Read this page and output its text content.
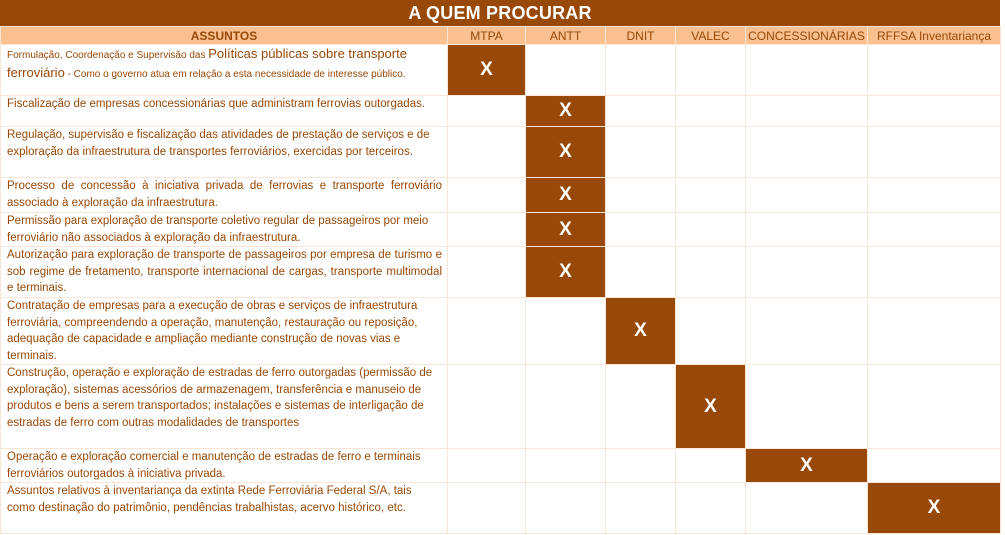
A QUEM PROCURAR
ASSUNTOS	MTPA	ANTT	DNIT	VALEC	CONCESSIONÁRIAS	RFFSA Inventariança
Formulação, Coordenação e Supervisão das Políticas públicas sobre transporte ferroviário - Como o governo atua em relação a esta necessidade de interesse público.	X					
Fiscalização de empresas concessionárias que administram ferrovias outorgadas.		X				
Regulação, supervisão e fiscalização das atividades de prestação de serviços e de exploração da infraestrutura de transportes ferroviários, exercidas por terceiros.		X				
Processo de concessão à iniciativa privada de ferrovias e transporte ferroviário associado à exploração da infraestrutura.		X				
Permissão para exploração de transporte coletivo regular de passageiros por meio ferroviário não associados à exploração da infraestrutura.		X				
Autorização para exploração de transporte de passageiros por empresa de turismo e sob regime de fretamento, transporte internacional de cargas, transporte multimodal e terminais.		X				
Contratação de empresas para a execução de obras e serviços de infraestrutura ferroviária, compreendendo a operação, manutenção, restauração ou reposição, adequação de capacidade e ampliação mediante construção de novas vias e terminais.			X			
Construção, operação e exploração de estradas de ferro outorgadas (permissão de exploração), sistemas acessórios de armazenagem, transferência e manuseio de produtos e bens a serem transportados; instalações e sistemas de interligação de estradas de ferro com outras modalidades de transportes				X		
Operação e exploração comercial e manutenção de estradas de ferro e terminais ferroviários outorgados à iniciativa privada.					X	
Assuntos relativos à inventariança da extinta Rede Ferroviária Federal S/A, tais como destinação do patrimônio, pendências trabalhistas, acervo histórico, etc.						X
